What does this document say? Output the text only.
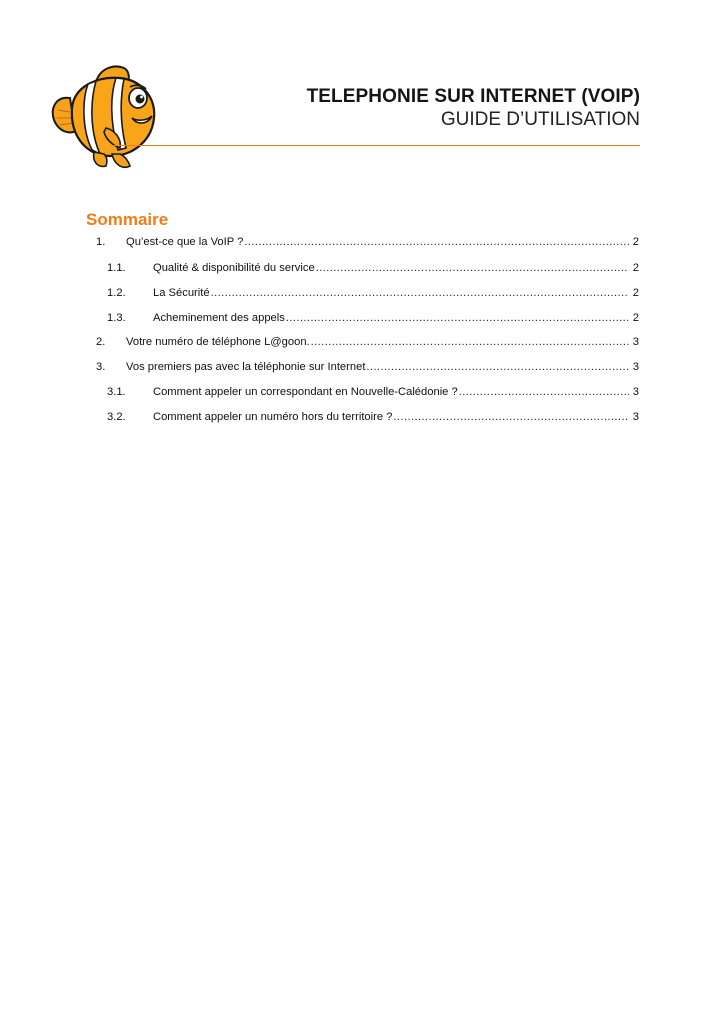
TELEPHONIE SUR INTERNET (VOIP)
GUIDE D’UTILISATION
Sommaire
1.	Qu’est-ce que la VoIP ? .....	2
1.1.	Qualité & disponibilité du service .....	2
1.2.	La Sécurité .....	2
1.3.	Acheminement des appels .....	2
2.	Votre numéro de téléphone L@goon. .....	3
3.	Vos premiers pas avec la téléphonie sur Internet .....	3
3.1.	Comment appeler un correspondant en Nouvelle-Calédonie ? .....	3
3.2.	Comment appeler un numéro hors du territoire ? .....	3
